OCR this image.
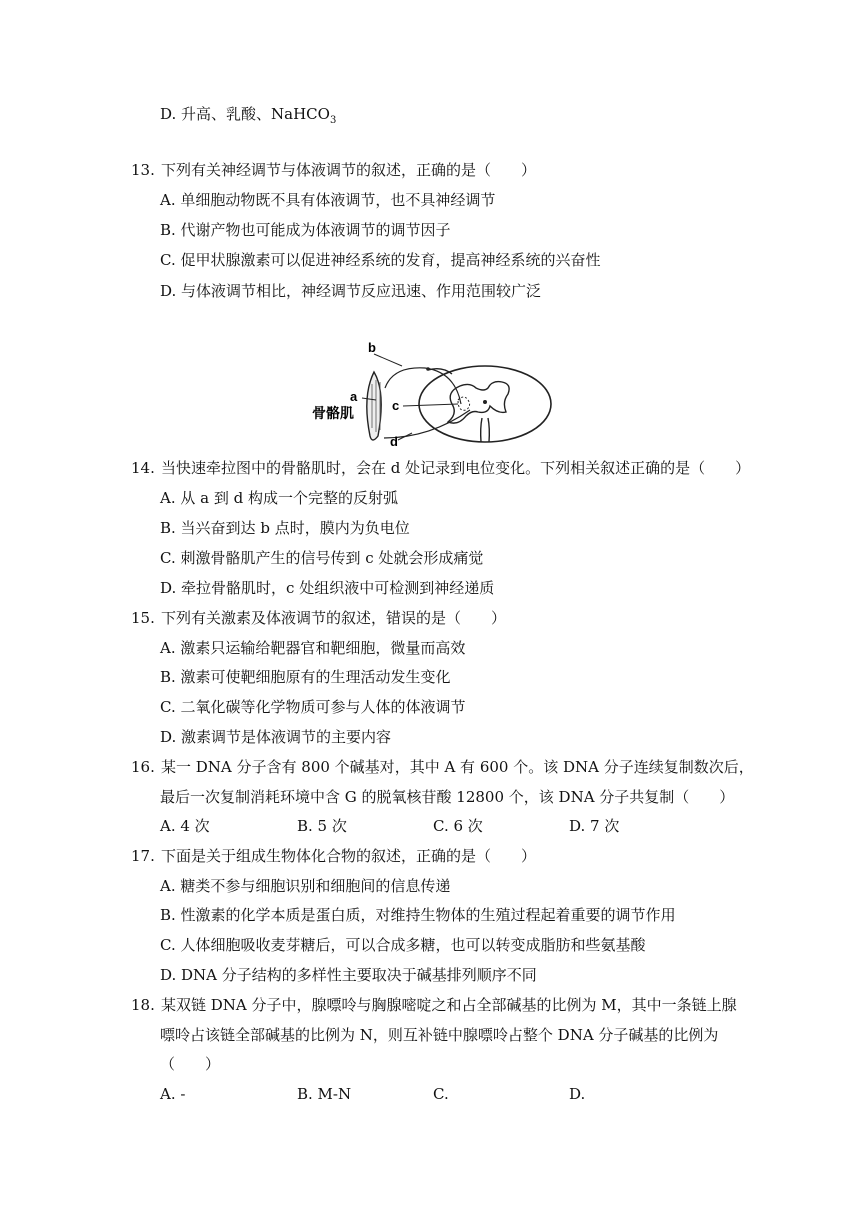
D. 升高、乳酸、NaHCO$_3$
13. 下列有关神经调节与体液调节的叙述，正确的是（　　）
A. 单细胞动物既不具有体液调节，也不具神经调节
B. 代谢产物也可能成为体液调节的调节因子
C. 促甲状腺激素可以促进神经系统的发育，提高神经系统的兴奋性
D. 与体液调节相比，神经调节反应迅速、作用范围较广泛
b
a
c
d
骨骼肌
14. 当快速牵拉图中的骨骼肌时，会在 d 处记录到电位变化。下列相关叙述正确的是（　　）
A. 从 a 到 d 构成一个完整的反射弧
B. 当兴奋到达 b 点时，膜内为负电位
C. 刺激骨骼肌产生的信号传到 c 处就会形成痛觉
D. 牵拉骨骼肌时，c 处组织液中可检测到神经递质
15. 下列有关激素及体液调节的叙述，错误的是（　　）
A. 激素只运输给靶器官和靶细胞，微量而高效
B. 激素可使靶细胞原有的生理活动发生变化
C. 二氧化碳等化学物质可参与人体的体液调节
D. 激素调节是体液调节的主要内容
16. 某一 DNA 分子含有 800 个碱基对，其中 A 有 600 个。该 DNA 分子连续复制数次后，
最后一次复制消耗环境中含 G 的脱氧核苷酸 12800 个，该 DNA 分子共复制（　　）
A. 4 次	B. 5 次	C. 6 次	D. 7 次
17. 下面是关于组成生物体化合物的叙述，正确的是（　　）
A. 糖类不参与细胞识别和细胞间的信息传递
B. 性激素的化学本质是蛋白质，对维持生物体的生殖过程起着重要的调节作用
C. 人体细胞吸收麦芽糖后，可以合成多糖，也可以转变成脂肪和些氨基酸
D. DNA 分子结构的多样性主要取决于碱基排列顺序不同
18. 某双链 DNA 分子中，腺嘌呤与胸腺嘧啶之和占全部碱基的比例为 M，其中一条链上腺
嘌呤占该链全部碱基的比例为 N，则互补链中腺嘌呤占整个 DNA 分子碱基的比例为
（　　）
A. -	B. M-N	C.	D.
